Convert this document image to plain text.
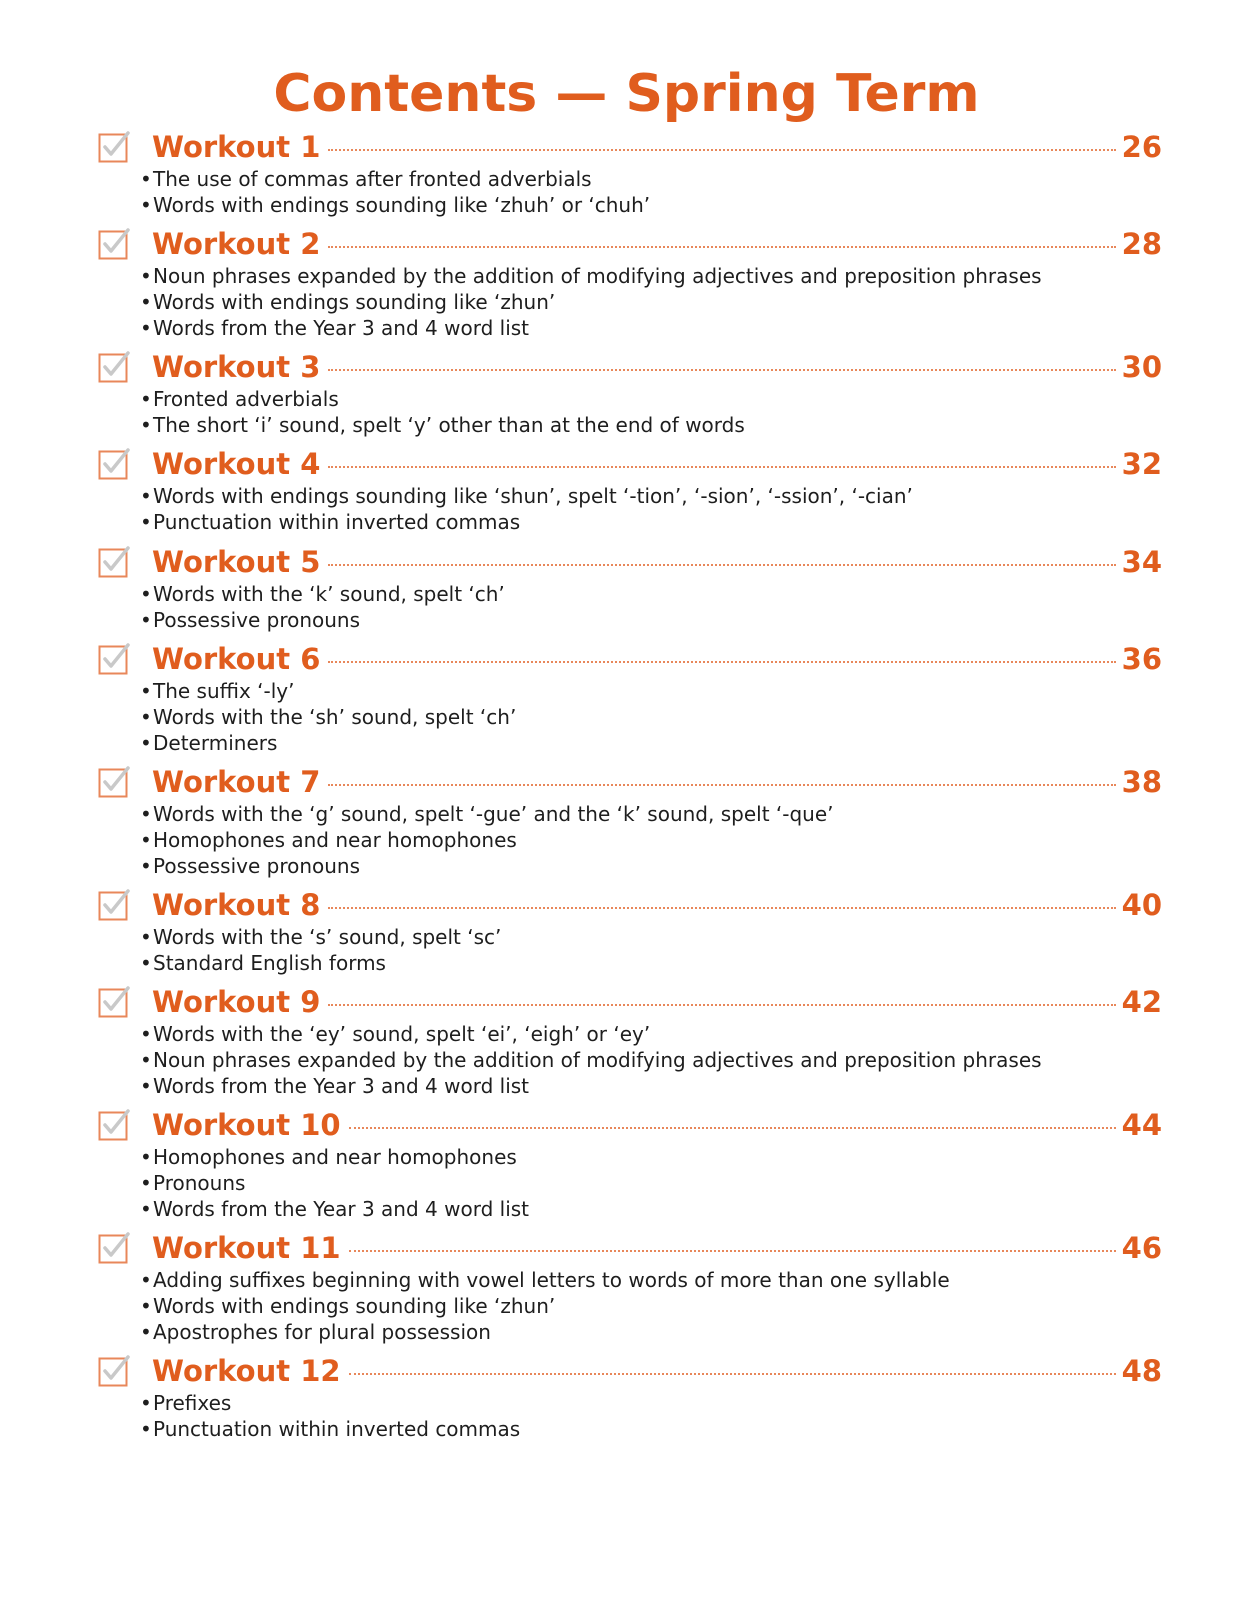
Contents — Spring Term
Workout 1	26
•The use of commas after fronted adverbials
•Words with endings sounding like ‘zhuh’ or ‘chuh’
Workout 2	28
•Noun phrases expanded by the addition of modifying adjectives and preposition phrases
•Words with endings sounding like ‘zhun’
•Words from the Year 3 and 4 word list
Workout 3	30
•Fronted adverbials
•The short ‘i’ sound, spelt ‘y’ other than at the end of words
Workout 4	32
•Words with endings sounding like ‘shun’, spelt ‘-tion’, ‘-sion’, ‘-ssion’, ‘-cian’
•Punctuation within inverted commas
Workout 5	34
•Words with the ‘k’ sound, spelt ‘ch’
•Possessive pronouns
Workout 6	36
•The suffix ‘-ly’
•Words with the ‘sh’ sound, spelt ‘ch’
•Determiners
Workout 7	38
•Words with the ‘g’ sound, spelt ‘-gue’ and the ‘k’ sound, spelt ‘-que’
•Homophones and near homophones
•Possessive pronouns
Workout 8	40
•Words with the ‘s’ sound, spelt ‘sc’
•Standard English forms
Workout 9	42
•Words with the ‘ey’ sound, spelt ‘ei’, ‘eigh’ or ‘ey’
•Noun phrases expanded by the addition of modifying adjectives and preposition phrases
•Words from the Year 3 and 4 word list
Workout 10	44
•Homophones and near homophones
•Pronouns
•Words from the Year 3 and 4 word list
Workout 11	46
•Adding suffixes beginning with vowel letters to words of more than one syllable
•Words with endings sounding like ‘zhun’
•Apostrophes for plural possession
Workout 12	48
•Prefixes
•Punctuation within inverted commas
